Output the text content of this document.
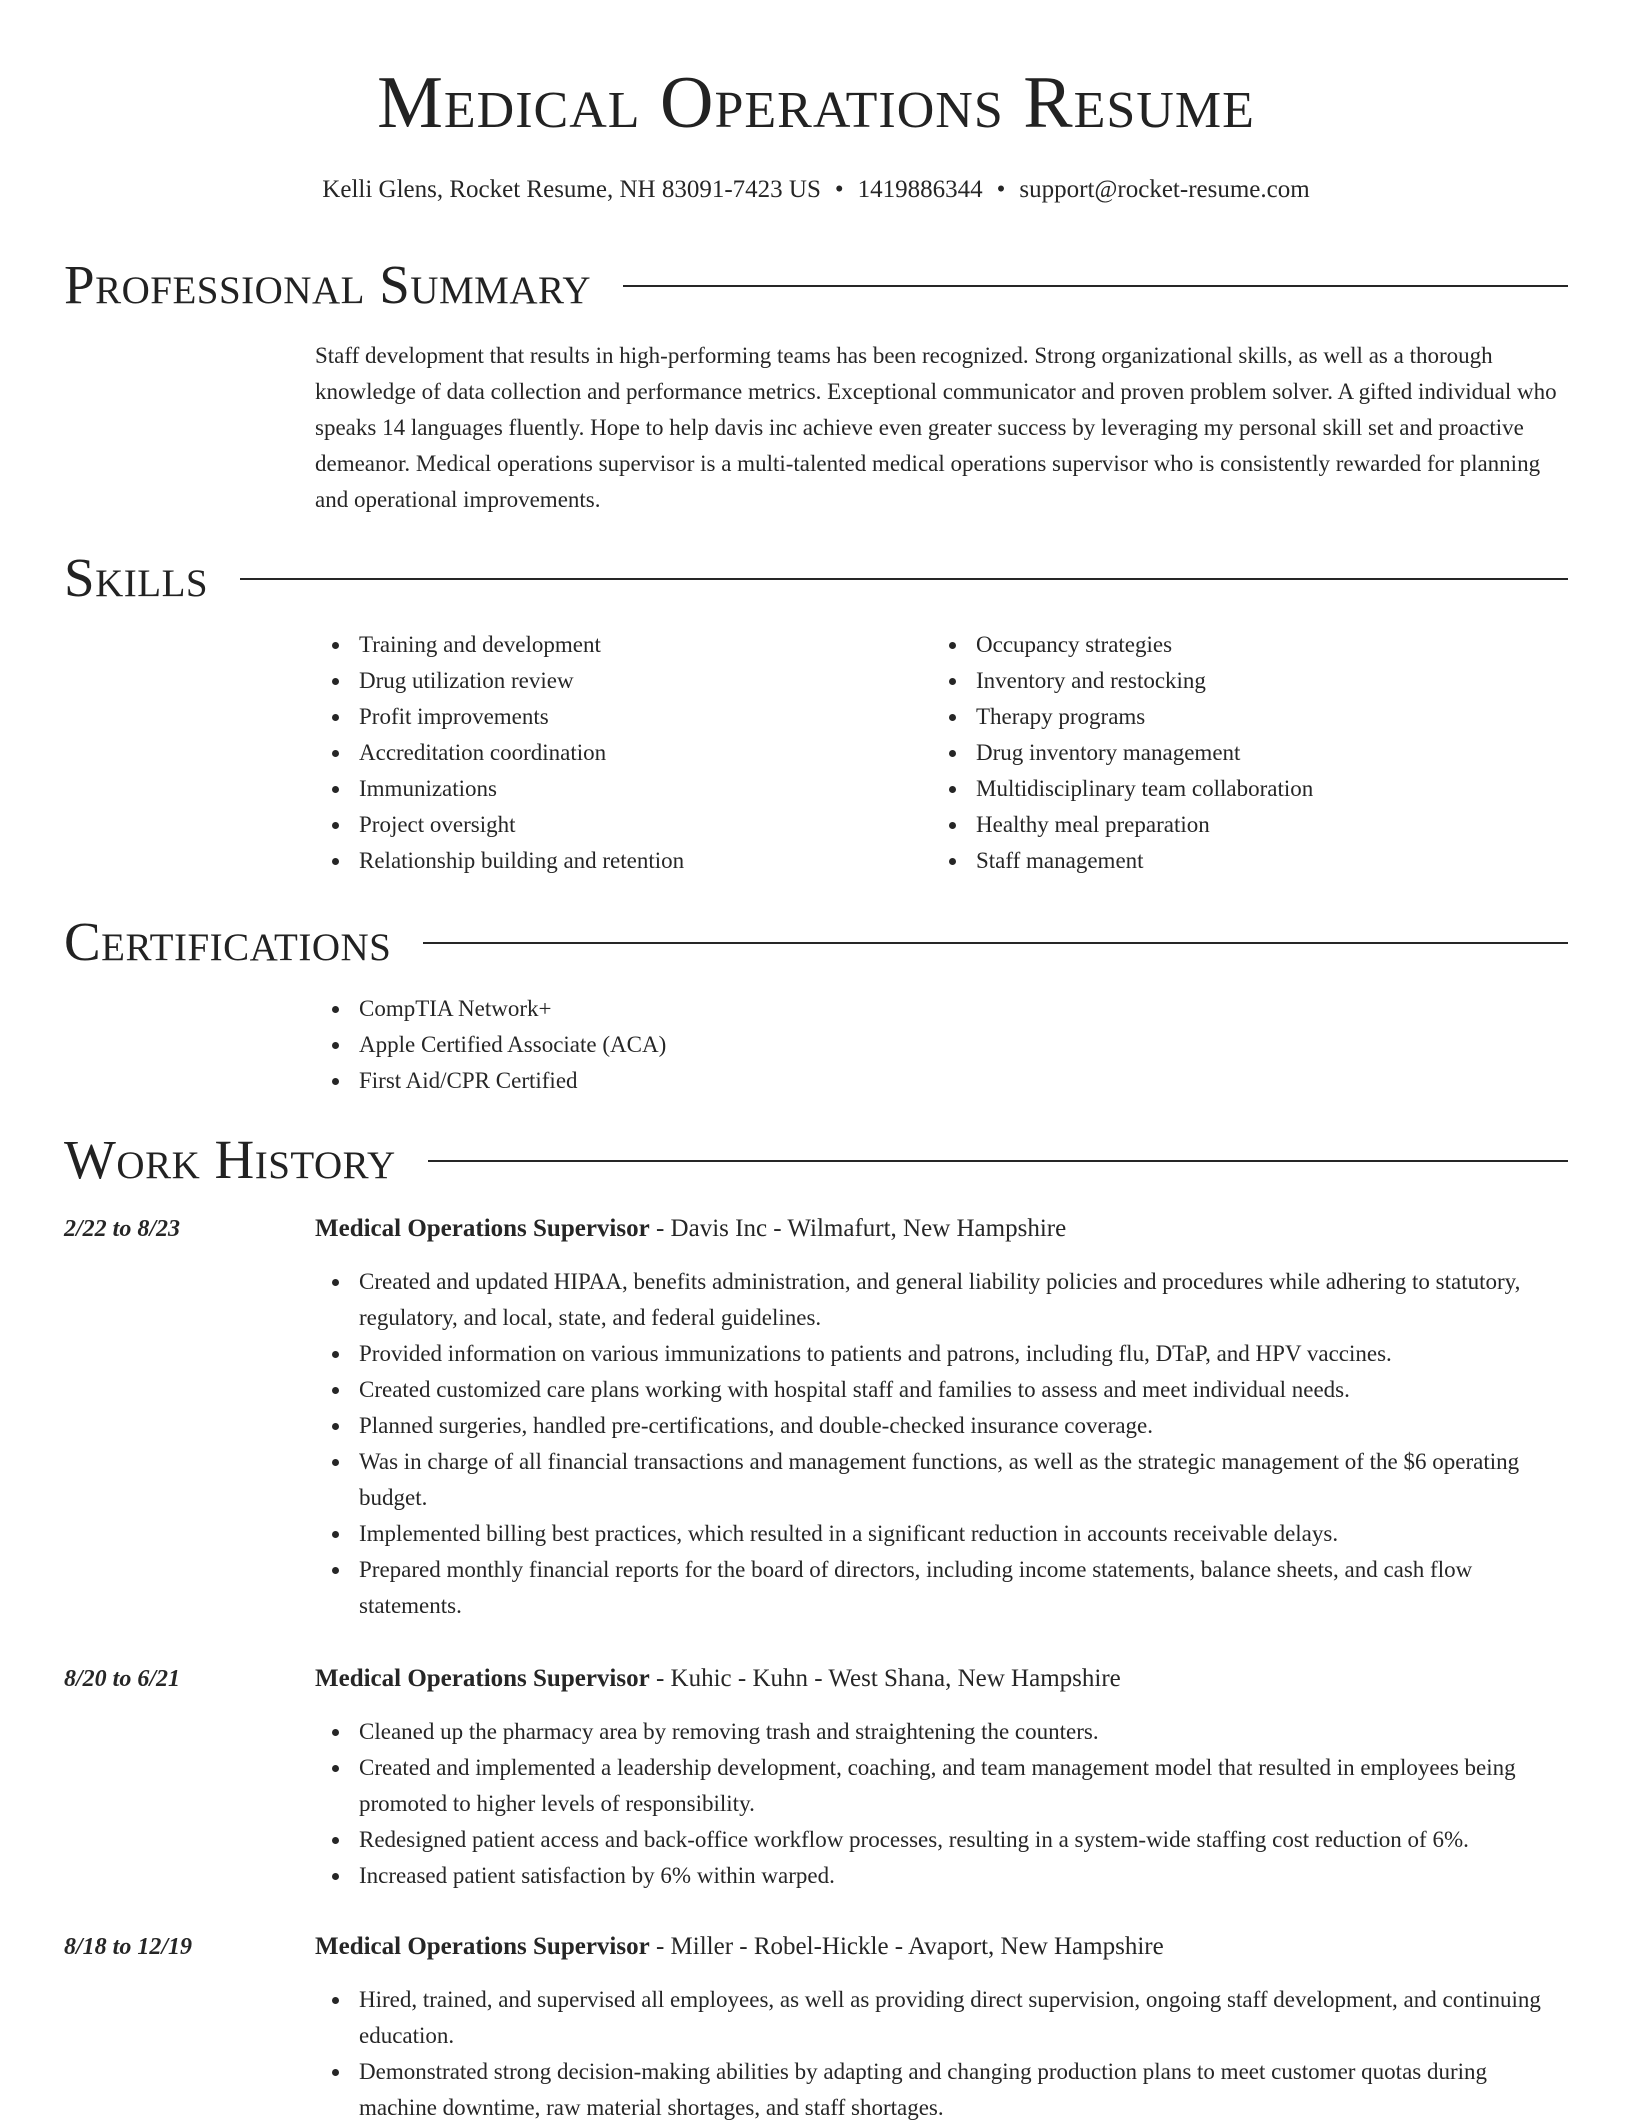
Medical Operations Resume
Kelli Glens, Rocket Resume, NH 83091-7423 US • 1419886344 • support@rocket-resume.com
Professional Summary

Staff development that results in high-performing teams has been recognized. Strong organizational skills, as well as a thorough knowledge of data collection and performance metrics. Exceptional communicator and proven problem solver. A gifted individual who speaks 14 languages fluently. Hope to help davis inc achieve even greater success by leveraging my personal skill set and proactive demeanor. Medical operations supervisor is a multi-talented medical operations supervisor who is consistently rewarded for planning and operational improvements.

Skills
Training and development
Drug utilization review
Profit improvements
Accreditation coordination
Immunizations
Project oversight
Relationship building and retention
Occupancy strategies
Inventory and restocking
Therapy programs
Drug inventory management
Multidisciplinary team collaboration
Healthy meal preparation
Staff management
Certifications
CompTIA Network+
Apple Certified Associate (ACA)
First Aid/CPR Certified
Work History
2/22 to 8/23	Medical Operations Supervisor - Davis Inc - Wilmafurt, New Hampshire
Created and updated HIPAA, benefits administration, and general liability policies and procedures while adhering to statutory, regulatory, and local, state, and federal guidelines.
Provided information on various immunizations to patients and patrons, including flu, DTaP, and HPV vaccines.
Created customized care plans working with hospital staff and families to assess and meet individual needs.
Planned surgeries, handled pre-certifications, and double-checked insurance coverage.
Was in charge of all financial transactions and management functions, as well as the strategic management of the $6 operating budget.
Implemented billing best practices, which resulted in a significant reduction in accounts receivable delays.
Prepared monthly financial reports for the board of directors, including income statements, balance sheets, and cash flow statements.
8/20 to 6/21	Medical Operations Supervisor - Kuhic - Kuhn - West Shana, New Hampshire
Cleaned up the pharmacy area by removing trash and straightening the counters.
Created and implemented a leadership development, coaching, and team management model that resulted in employees being promoted to higher levels of responsibility.
Redesigned patient access and back-office workflow processes, resulting in a system-wide staffing cost reduction of 6%.
Increased patient satisfaction by 6% within warped.
8/18 to 12/19	Medical Operations Supervisor - Miller - Robel-Hickle - Avaport, New Hampshire
Hired, trained, and supervised all employees, as well as providing direct supervision, ongoing staff development, and continuing education.
Demonstrated strong decision-making abilities by adapting and changing production plans to meet customer quotas during machine downtime, raw material shortages, and staff shortages.
